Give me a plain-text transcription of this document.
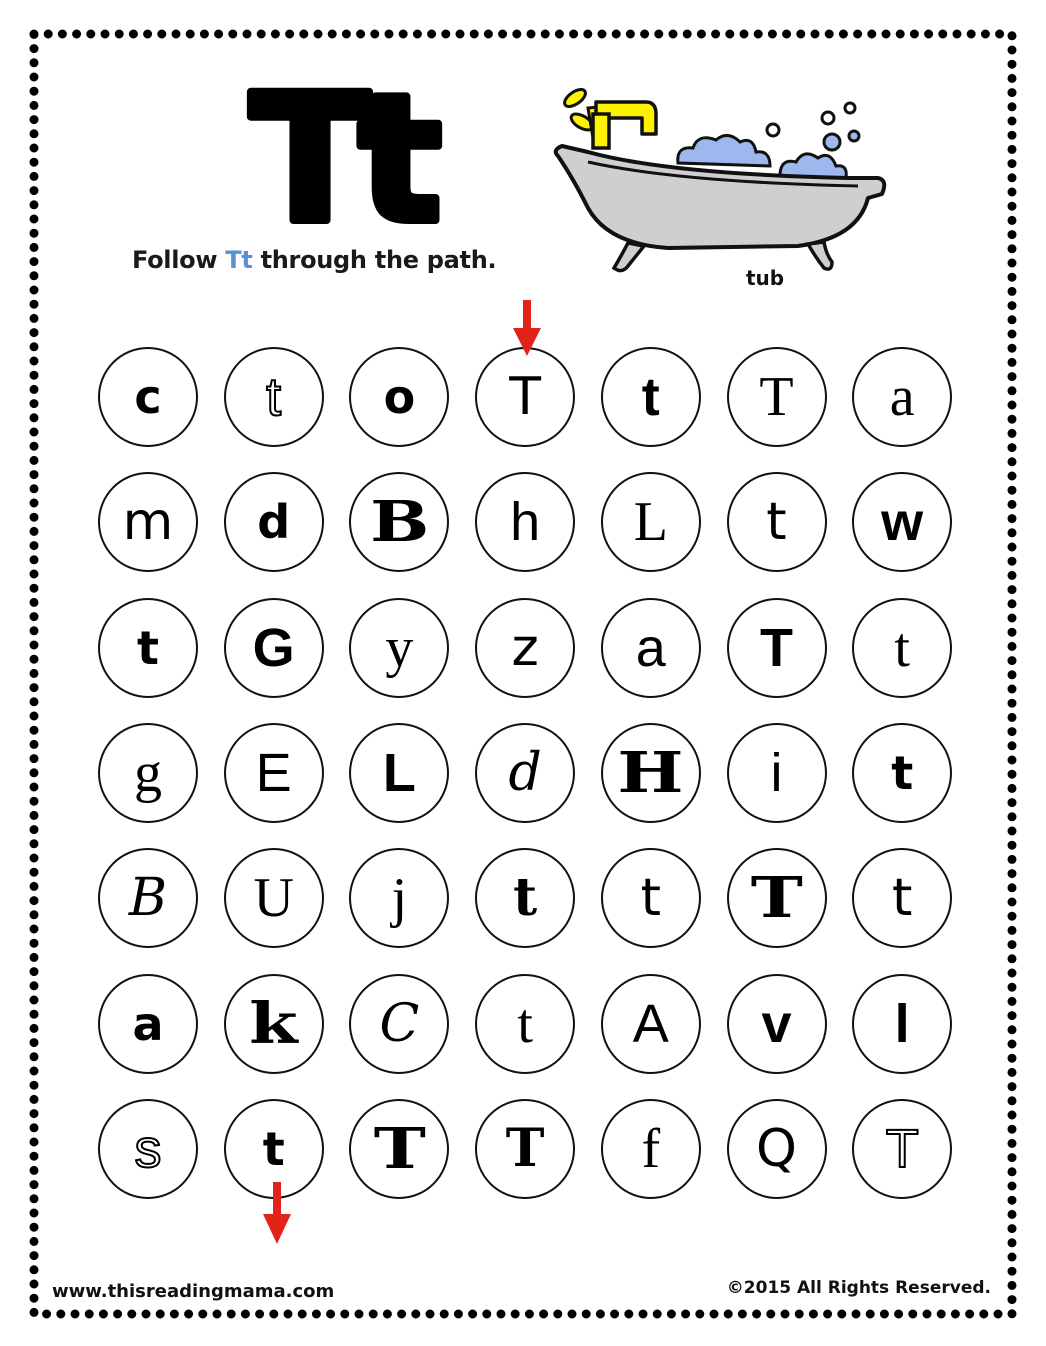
Tt
Follow Tt through the path.
tub
c t o T t T a
m d B h L t w
t G y z a T t
g E L d H i t
B U j t t T t
a k C t A v l
s t T T f Q T
www.thisreadingmama.com	©2015 All Rights Reserved.
